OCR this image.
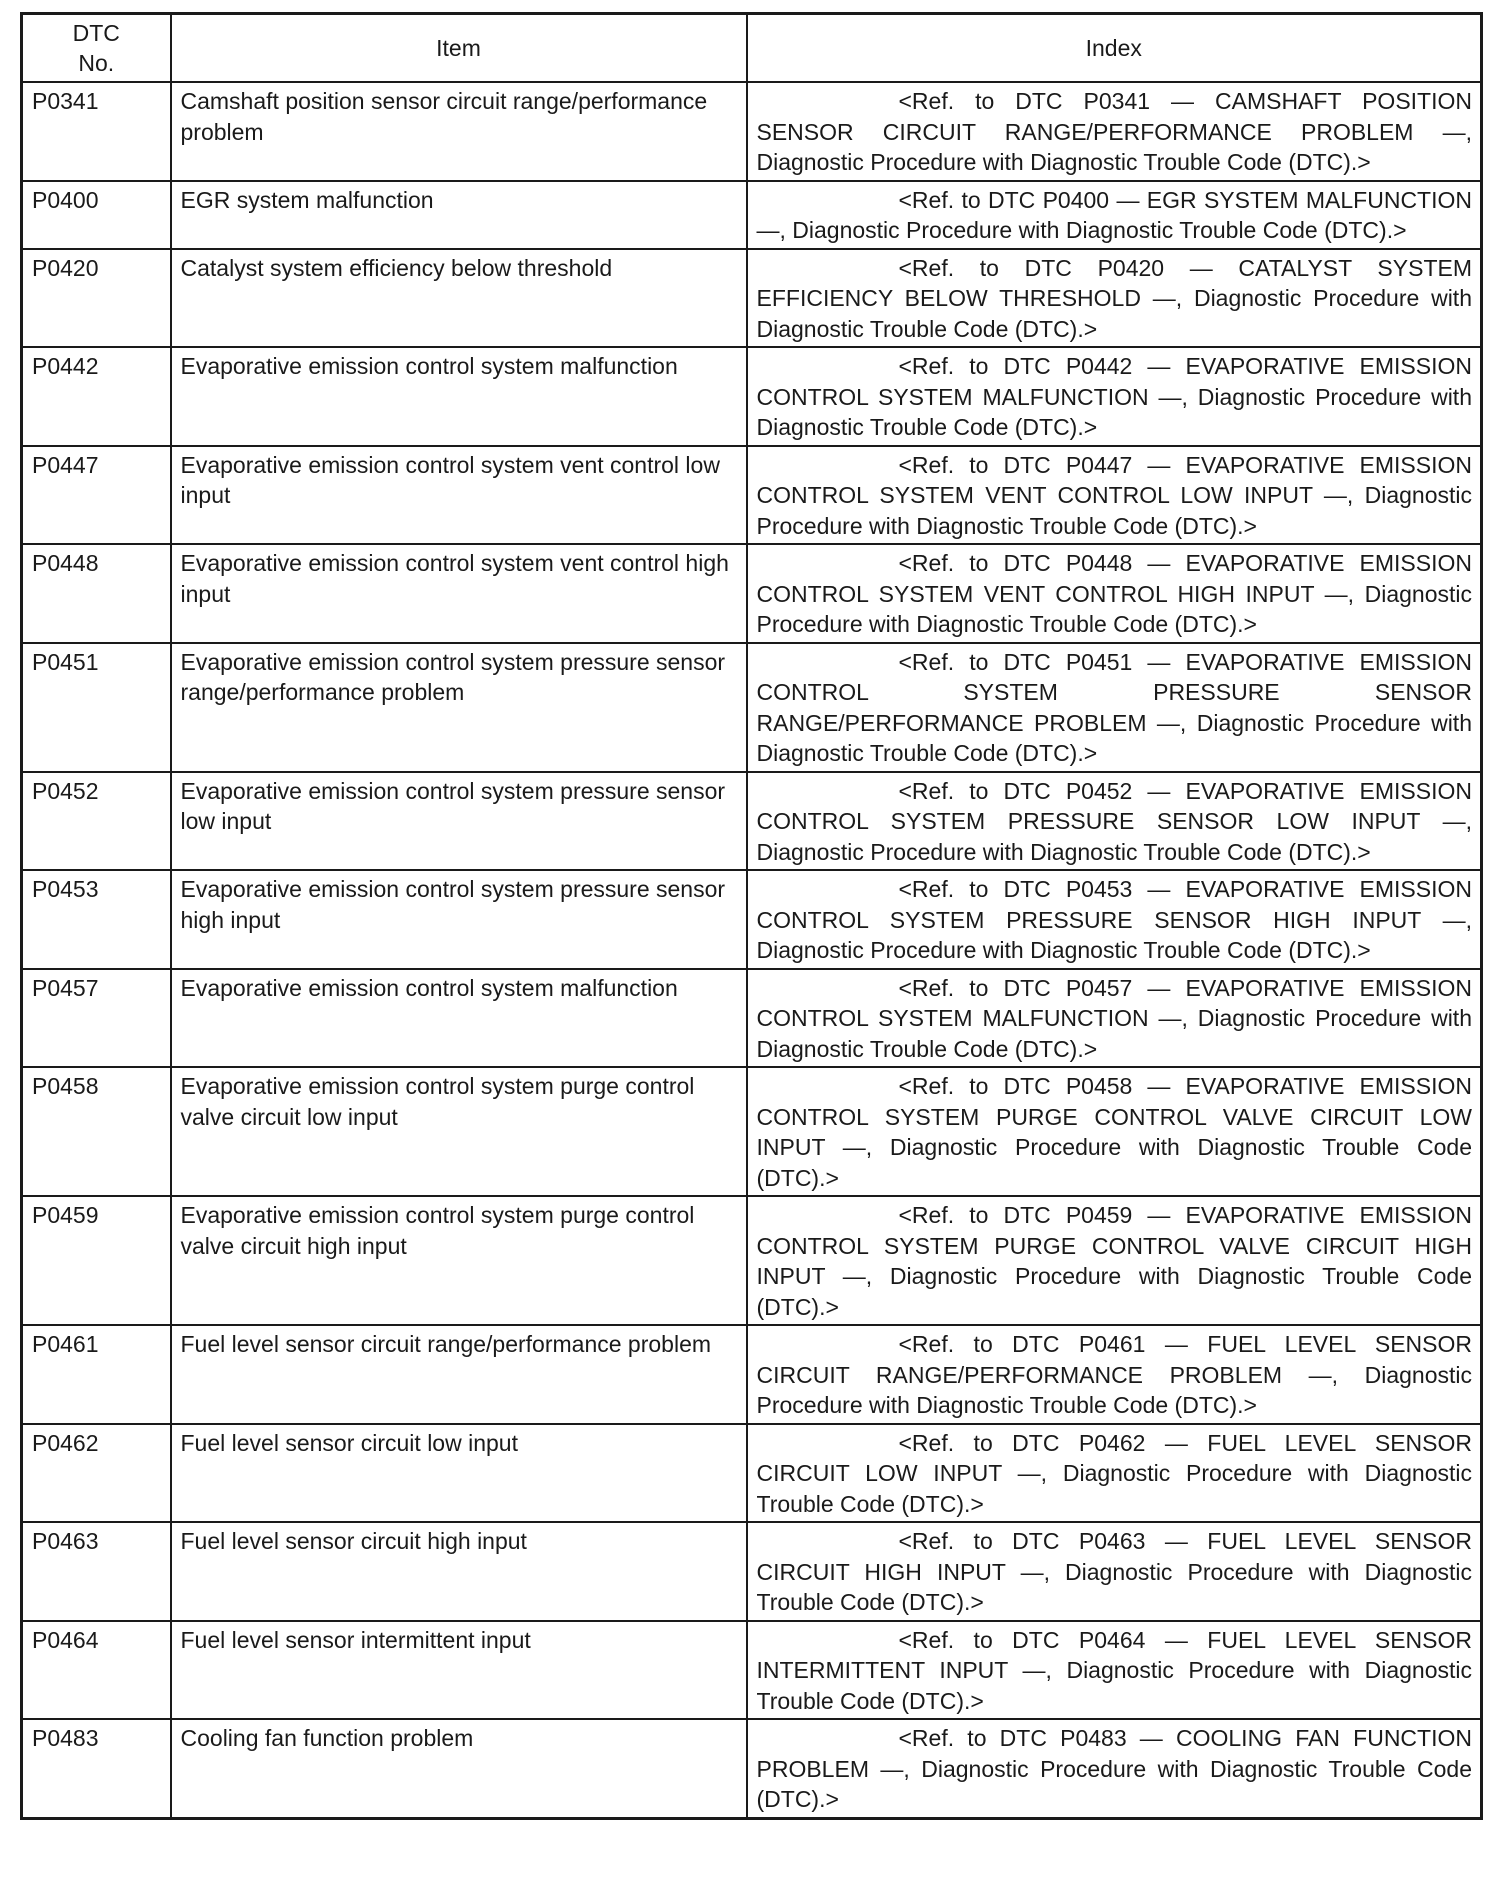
DTC
No.	Item	Index
P0341	Camshaft position sensor circuit range/performance problem	<Ref. to DTC P0341 — CAMSHAFT POSITION SENSOR CIRCUIT RANGE/PERFORMANCE PROBLEM —, Diagnostic Procedure with Diagnostic Trouble Code (DTC).>
P0400	EGR system malfunction	<Ref. to DTC P0400 — EGR SYSTEM MALFUNCTION —, Diagnostic Procedure with Diagnostic Trouble Code (DTC).>
P0420	Catalyst system efficiency below threshold	<Ref. to DTC P0420 — CATALYST SYSTEM EFFICIENCY BELOW THRESHOLD —, Diagnostic Procedure with Diagnostic Trouble Code (DTC).>
P0442	Evaporative emission control system malfunction	<Ref. to DTC P0442 — EVAPORATIVE EMISSION CONTROL SYSTEM MALFUNCTION —, Diagnostic Procedure with Diagnostic Trouble Code (DTC).>
P0447	Evaporative emission control system vent control low input	<Ref. to DTC P0447 — EVAPORATIVE EMISSION CONTROL SYSTEM VENT CONTROL LOW INPUT —, Diagnostic Procedure with Diagnostic Trouble Code (DTC).>
P0448	Evaporative emission control system vent control high input	<Ref. to DTC P0448 — EVAPORATIVE EMISSION CONTROL SYSTEM VENT CONTROL HIGH INPUT —, Diagnostic Procedure with Diagnostic Trouble Code (DTC).>
P0451	Evaporative emission control system pressure sensor range/performance problem	<Ref. to DTC P0451 — EVAPORATIVE EMISSION CONTROL SYSTEM PRESSURE SENSOR RANGE/PERFORMANCE PROBLEM —, Diagnostic Procedure with Diagnostic Trouble Code (DTC).>
P0452	Evaporative emission control system pressure sensor low input	<Ref. to DTC P0452 — EVAPORATIVE EMISSION CONTROL SYSTEM PRESSURE SENSOR LOW INPUT —, Diagnostic Procedure with Diagnostic Trouble Code (DTC).>
P0453	Evaporative emission control system pressure sensor high input	<Ref. to DTC P0453 — EVAPORATIVE EMISSION CONTROL SYSTEM PRESSURE SENSOR HIGH INPUT —, Diagnostic Procedure with Diagnostic Trouble Code (DTC).>
P0457	Evaporative emission control system malfunction	<Ref. to DTC P0457 — EVAPORATIVE EMISSION CONTROL SYSTEM MALFUNCTION —, Diagnostic Procedure with Diagnostic Trouble Code (DTC).>
P0458	Evaporative emission control system purge control valve circuit low input	<Ref. to DTC P0458 — EVAPORATIVE EMISSION CONTROL SYSTEM PURGE CONTROL VALVE CIRCUIT LOW INPUT —, Diagnostic Procedure with Diagnostic Trouble Code (DTC).>
P0459	Evaporative emission control system purge control valve circuit high input	<Ref. to DTC P0459 — EVAPORATIVE EMISSION CONTROL SYSTEM PURGE CONTROL VALVE CIRCUIT HIGH INPUT —, Diagnostic Procedure with Diagnostic Trouble Code (DTC).>
P0461	Fuel level sensor circuit range/performance problem	<Ref. to DTC P0461 — FUEL LEVEL SENSOR CIRCUIT RANGE/PERFORMANCE PROBLEM —, Diagnostic Procedure with Diagnostic Trouble Code (DTC).>
P0462	Fuel level sensor circuit low input	<Ref. to DTC P0462 — FUEL LEVEL SENSOR CIRCUIT LOW INPUT —, Diagnostic Procedure with Diagnostic Trouble Code (DTC).>
P0463	Fuel level sensor circuit high input	<Ref. to DTC P0463 — FUEL LEVEL SENSOR CIRCUIT HIGH INPUT —, Diagnostic Procedure with Diagnostic Trouble Code (DTC).>
P0464	Fuel level sensor intermittent input	<Ref. to DTC P0464 — FUEL LEVEL SENSOR INTERMITTENT INPUT —, Diagnostic Procedure with Diagnostic Trouble Code (DTC).>
P0483	Cooling fan function problem	<Ref. to DTC P0483 — COOLING FAN FUNCTION PROBLEM —, Diagnostic Procedure with Diagnostic Trouble Code (DTC).>
